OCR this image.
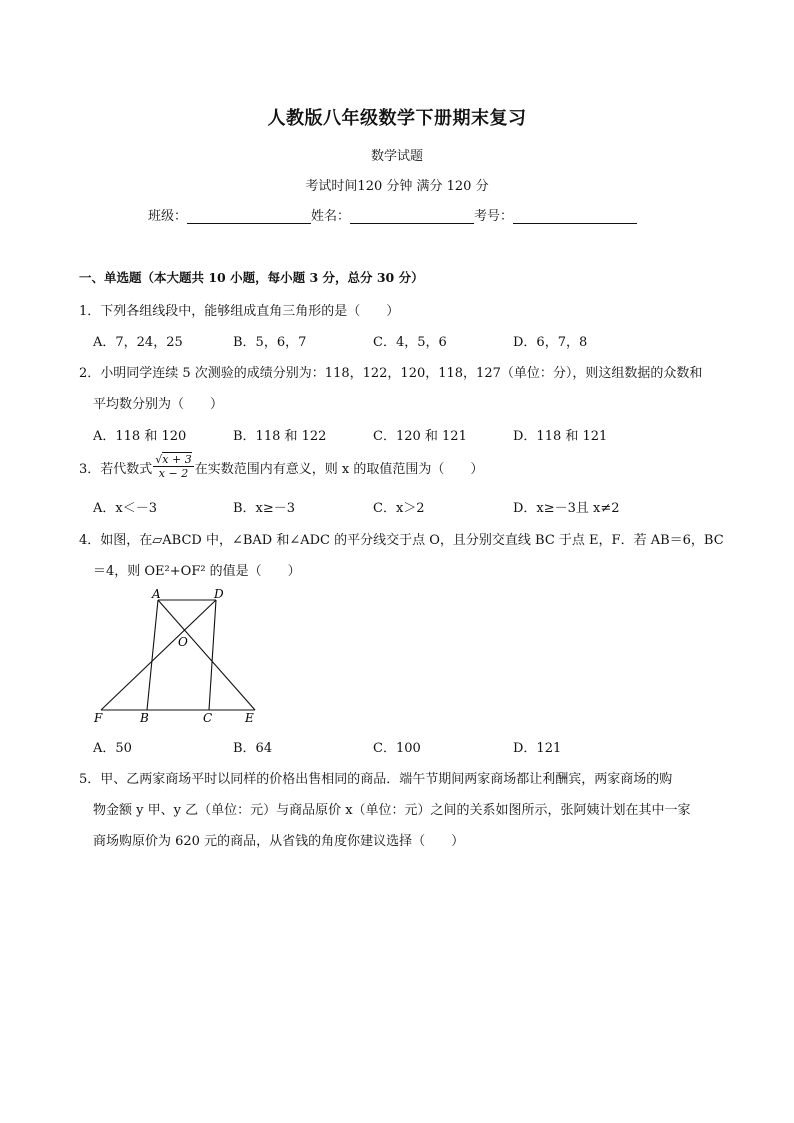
人教版八年级数学下册期末复习
数学试题
考试时间120 分钟 满分 120 分
班级：	姓名：	考号：
一、单选题（本大题共 10 小题，每小题 3 分，总分 30 分）
1．下列各组线段中，能够组成直角三角形的是（　　）
A．7，24，25	B．5，6，7	C．4，5，6	D．6，7，8
2．小明同学连续 5 次测验的成绩分别为：118，122，120，118，127（单位：分），则这组数据的众数和
平均数分别为（　　）
A．118 和 120	B．118 和 122	C．120 和 121	D．118 和 121
3．若代数式 $\frac{√x + 3}{x - 2}$ 在实数范围内有意义，则 x 的取值范围为（　　）
A．x＜－3	B．x≥－3	C．x＞2	D．x≥－3且 x≠2
4．如图，在▱ABCD 中，∠BAD 和∠ADC 的平分线交于点 O，且分别交直线 BC 于点 E，F．若 AB＝6，BC
＝4，则 OE²+OF² 的值是（　　）
A	D
O
F	B	C	E
A．50	B．64	C．100	D．121
5．甲、乙两家商场平时以同样的价格出售相同的商品．端午节期间两家商场都让利酬宾，两家商场的购
物金额 y 甲、y 乙（单位：元）与商品原价 x（单位：元）之间的关系如图所示，张阿姨计划在其中一家
商场购原价为 620 元的商品，从省钱的角度你建议选择（　　）
